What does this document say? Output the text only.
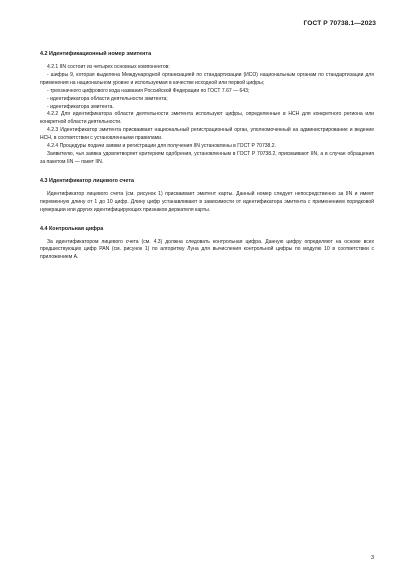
ГОСТ Р 70738.1—2023
4.2 Идентификационный номер эмитента

4.2.1 IIN состоит из четырех основных компонентов:

- шифры 9, которая выделена Международной организацией по стандартизации (ИСО) национальным органам по стандартизации для применения на национальном уровне и используемая в качестве исходной или первой цифры;

- трехзначного цифрового кода названия Российской Федерации по ГОСТ 7.67 — 643;

- идентификатора области деятельности эмитента;

- идентификатора эмитента.

4.2.2 Для идентификатора области деятельности эмитента используют цифры, определенные в НСН для конкретного региона или конкретной области деятельности.

4.2.3 Идентификатор эмитента присваивает национальный регистрационный орган, уполномоченный на администрирование и ведение НСН, в соответствии с установленными правилами.

4.2.4 Процедуры подачи заявки и регистрации для получения IIN установлены в ГОСТ Р 70738.2.

Заявителю, чья заявка удовлетворяет критериям одобрения, установленным в ГОСТ Р 70738.2, присваивают IIN, а в случае обращения за пакетом IIN — пакет IIN.

4.3 Идентификатор лицевого счета

Идентификатор лицевого счета (см. рисунок 1) присваивает эмитент карты. Данный номер следует непосредственно за IIN и имеет переменную длину от 1 до 10 цифр. Длину цифр устанавливают в зависимости от идентификатора эмитента с применением порядковой нумерации или других идентифицирующих признаков держателя карты.

4.4 Контрольная цифра

За идентификатором лицевого счета (см. 4.3) должна следовать контрольная цифра. Данную цифру определяют на основе всех предшествующих цифр PAN (см. рисунок 1) по алгоритму Луна для вычисления контрольной цифры по модулю 10 в соответствии с приложением А.

3
